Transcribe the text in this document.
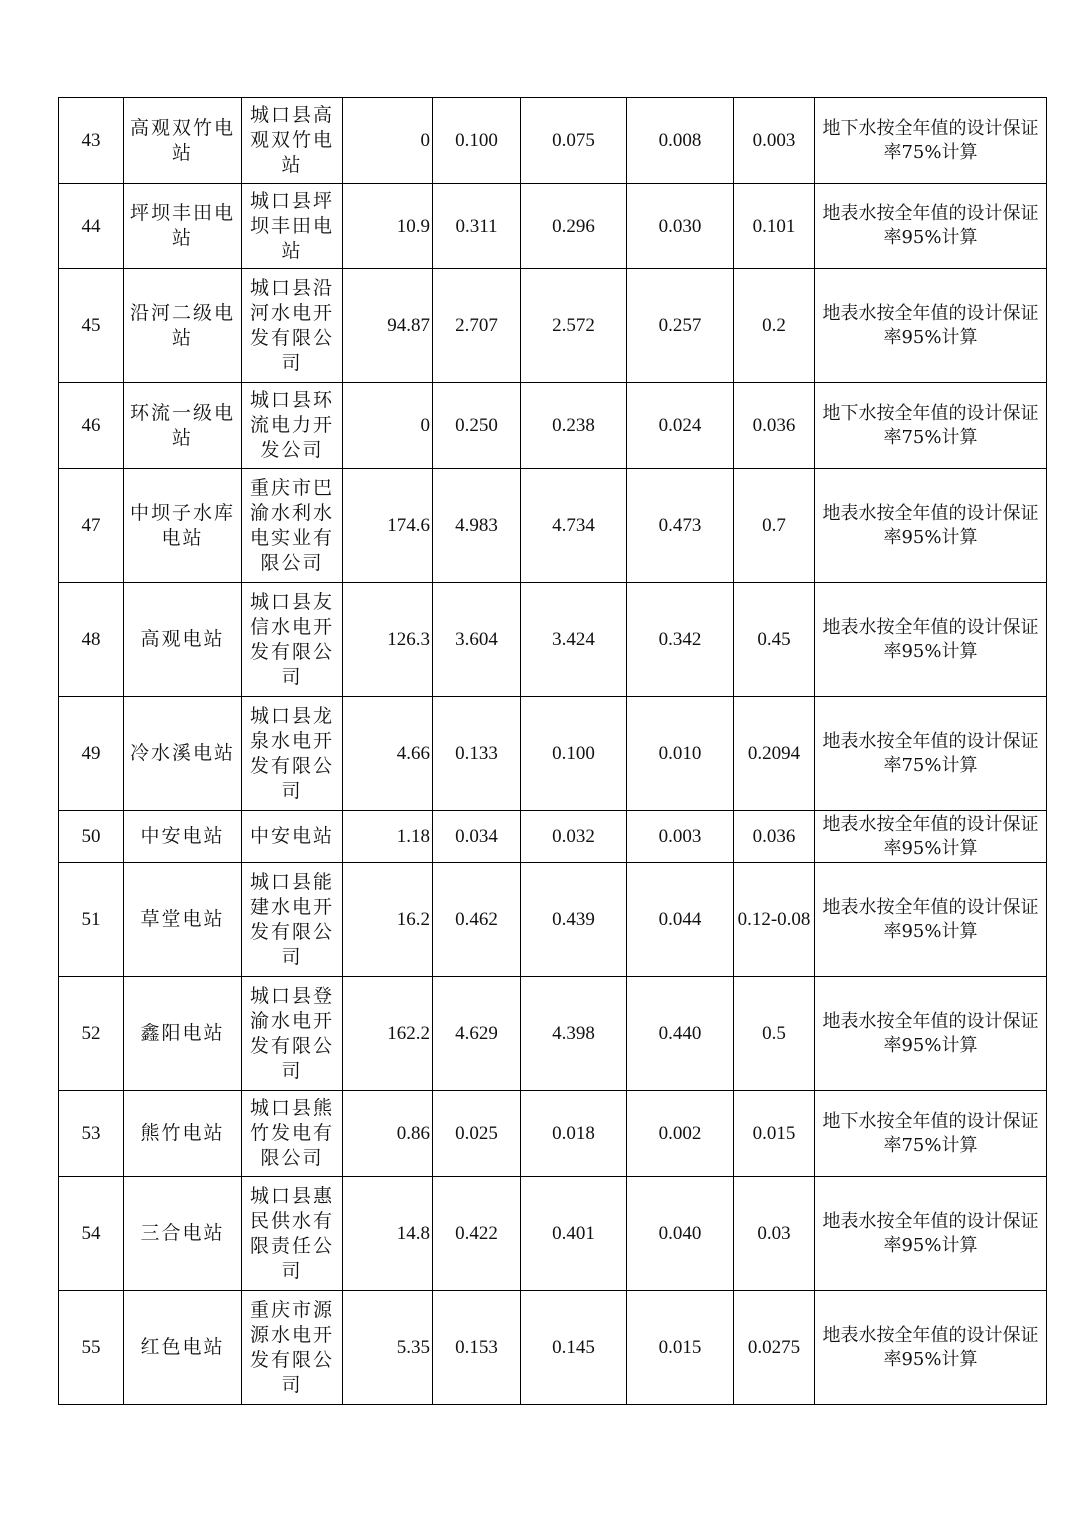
43	高观双竹电站	城口县高观双竹电站	0	0.100	0.075	0.008	0.003	地下水按全年值的设计保证率75%计算
44	坪坝丰田电站	城口县坪坝丰田电站	10.9	0.311	0.296	0.030	0.101	地表水按全年值的设计保证率95%计算
45	沿河二级电站	城口县沿河水电开发有限公司	94.87	2.707	2.572	0.257	0.2	地表水按全年值的设计保证率95%计算
46	环流一级电站	城口县环流电力开发公司	0	0.250	0.238	0.024	0.036	地下水按全年值的设计保证率75%计算
47	中坝子水库电站	重庆市巴渝水利水电实业有限公司	174.6	4.983	4.734	0.473	0.7	地表水按全年值的设计保证率95%计算
48	高观电站	城口县友信水电开发有限公司	126.3	3.604	3.424	0.342	0.45	地表水按全年值的设计保证率95%计算
49	冷水溪电站	城口县龙泉水电开发有限公司	4.66	0.133	0.100	0.010	0.2094	地表水按全年值的设计保证率75%计算
50	中安电站	中安电站	1.18	0.034	0.032	0.003	0.036	地表水按全年值的设计保证率95%计算
51	草堂电站	城口县能建水电开发有限公司	16.2	0.462	0.439	0.044	0.12-0.08	地表水按全年值的设计保证率95%计算
52	鑫阳电站	城口县登渝水电开发有限公司	162.2	4.629	4.398	0.440	0.5	地表水按全年值的设计保证率95%计算
53	熊竹电站	城口县熊竹发电有限公司	0.86	0.025	0.018	0.002	0.015	地下水按全年值的设计保证率75%计算
54	三合电站	城口县惠民供水有限责任公司	14.8	0.422	0.401	0.040	0.03	地表水按全年值的设计保证率95%计算
55	红色电站	重庆市源源水电开发有限公司	5.35	0.153	0.145	0.015	0.0275	地表水按全年值的设计保证率95%计算
